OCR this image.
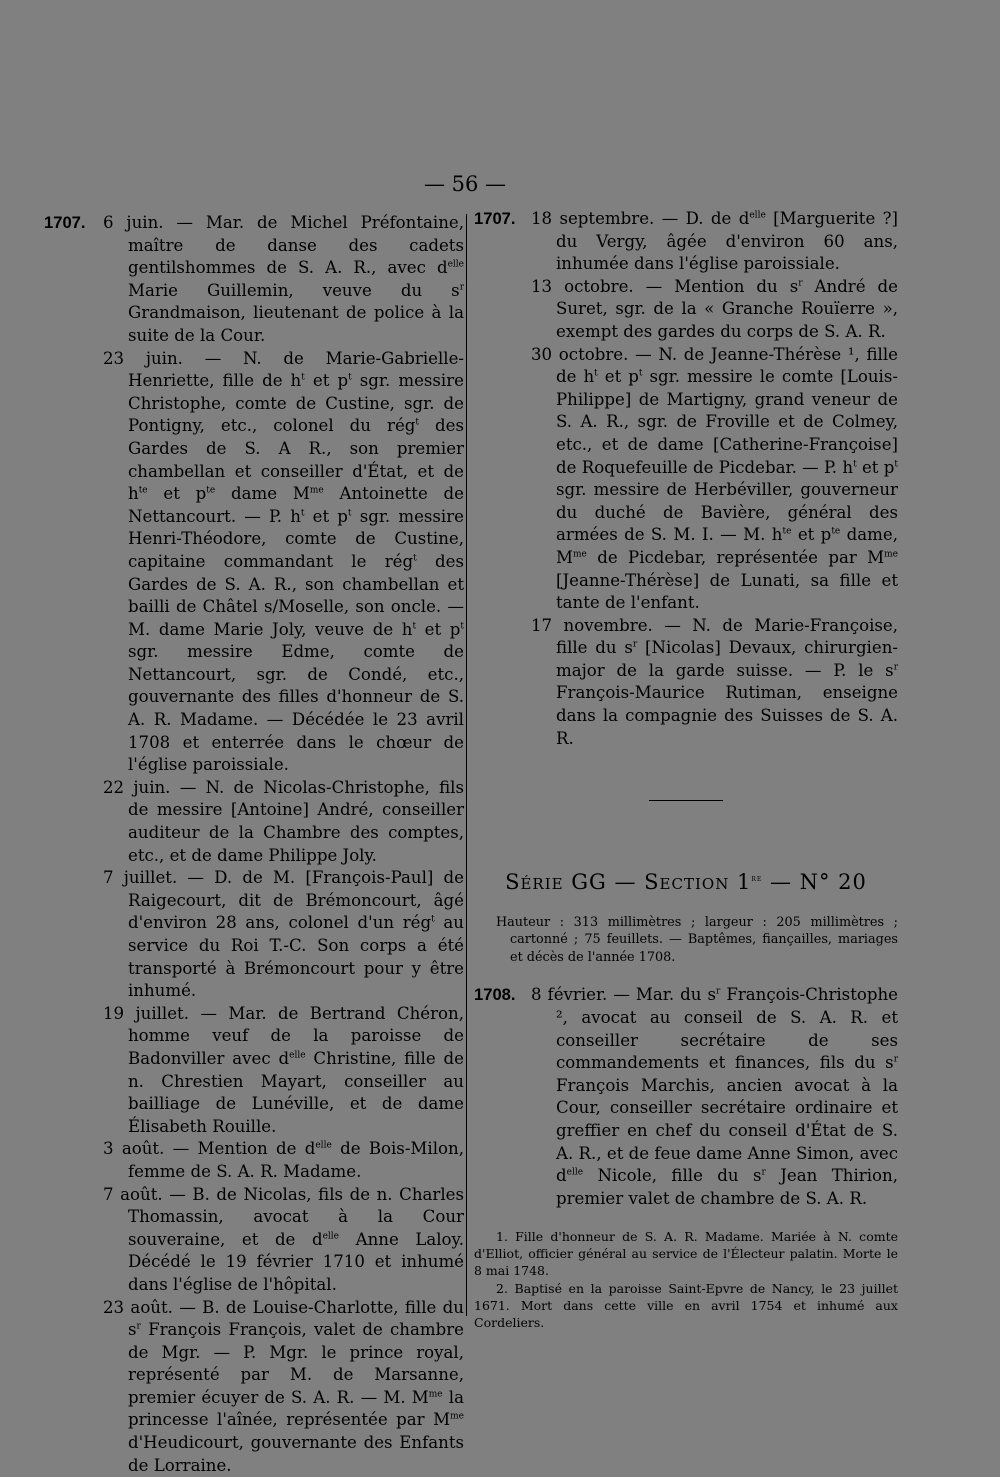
— 56 —

1707. 6 juin. — Mar. de Michel Préfontaine, maître de danse des cadets gentilshommes de S. A. R., avec $d^{elle}$ Marie Guillemin, veuve du $s^r$ Grandmaison, lieutenant de police à la suite de la Cour.

23 juin. — N. de Marie-Gabrielle-Henriette, fille de $h^t$ et $p^t$ sgr. messire Christophe, comte de Custine, sgr. de Pontigny, etc., colonel du rég$^t$ des Gardes de S. A R., son premier chambellan et conseiller d'État, et de $h^{te}$ et $p^{te}$ dame $M^{me}$ Antoinette de Nettancourt. — P. $h^t$ et $p^t$ sgr. messire Henri-Théodore, comte de Custine, capitaine commandant le rég$^t$ des Gardes de S. A. R., son chambellan et bailli de Châtel s/Moselle, son oncle. — M. dame Marie Joly, veuve de $h^t$ et $p^t$ sgr. messire Edme, comte de Nettancourt, sgr. de Condé, etc., gouvernante des filles d'honneur de S. A. R. Madame. — Décédée le 23 avril 1708 et enterrée dans le chœur de l'église paroissiale.

22 juin. — N. de Nicolas-Christophe, fils de messire [Antoine] André, conseiller auditeur de la Chambre des comptes, etc., et de dame Philippe Joly.

7 juillet. — D. de M. [François-Paul] de Raigecourt, dit de Brémoncourt, âgé d'environ 28 ans, colonel d'un rég$^t$ au service du Roi T.-C. Son corps a été transporté à Brémoncourt pour y être inhumé.

19 juillet. — Mar. de Bertrand Chéron, homme veuf de la paroisse de Badonviller avec $d^{elle}$ Christine, fille de n. Chrestien Mayart, conseiller au bailliage de Lunéville, et de dame Élisabeth Rouille.

3 août. — Mention de $d^{elle}$ de Bois-Milon, femme de S. A. R. Madame.

7 août. — B. de Nicolas, fils de n. Charles Thomassin, avocat à la Cour souveraine, et de $d^{elle}$ Anne Laloy. Décédé le 19 février 1710 et inhumé dans l'église de l'hôpital.

23 août. — B. de Louise-Charlotte, fille du $s^r$ François François, valet de chambre de Mgr. — P. Mgr. le prince royal, représenté par M. de Marsanne, premier écuyer de S. A. R. — M. $M^{me}$ la princesse l'aînée, représentée par $M^{me}$ d'Heudicourt, gouvernante des Enfants de Lorraine.

1707. 18 septembre. — D. de $d^{elle}$ [Marguerite ?] du Vergy, âgée d'environ 60 ans, inhumée dans l'église paroissiale.

13 octobre. — Mention du $s^r$ André de Suret, sgr. de la « Granche Rouïerre », exempt des gardes du corps de S. A. R.

30 octobre. — N. de Jeanne-Thérèse ¹, fille de $h^t$ et $p^t$ sgr. messire le comte [Louis-Philippe] de Martigny, grand veneur de S. A. R., sgr. de Froville et de Colmey, etc., et de dame [Catherine-Françoise] de Roquefeuille de Picdebar. — P. $h^t$ et $p^t$ sgr. messire de Herbéviller, gouverneur du duché de Bavière, général des armées de S. M. I. — M. $h^{te}$ et $p^{te}$ dame, $M^{me}$ de Picdebar, représentée par $M^{me}$ [Jeanne-Thérèse] de Lunati, sa fille et tante de l'enfant.

17 novembre. — N. de Marie-Françoise, fille du $s^r$ [Nicolas] Devaux, chirurgien-major de la garde suisse. — P. le $s^r$ François-Maurice Rutiman, enseigne dans la compagnie des Suisses de S. A. R.

Série GG — Section 1re — N° 20
Hauteur : 313 millimètres ; largeur : 205 millimètres ; cartonné ; 75 feuillets. — Baptêmes, fiançailles, mariages et décès de l'année 1708.

1708. 8 février. — Mar. du $s^r$ François-Christophe ², avocat au conseil de S. A. R. et conseiller secrétaire de ses commandements et finances, fils du $s^r$ François Marchis, ancien avocat à la Cour, conseiller secrétaire ordinaire et greffier en chef du conseil d'État de S. A. R., et de feue dame Anne Simon, avec $d^{elle}$ Nicole, fille du $s^r$ Jean Thirion, premier valet de chambre de S. A. R.

1. Fille d'honneur de S. A. R. Madame. Mariée à N. comte d'Elliot, officier général au service de l'Électeur palatin. Morte le 8 mai 1748.

2. Baptisé en la paroisse Saint-Epvre de Nancy, le 23 juillet 1671. Mort dans cette ville en avril 1754 et inhumé aux Cordeliers.
